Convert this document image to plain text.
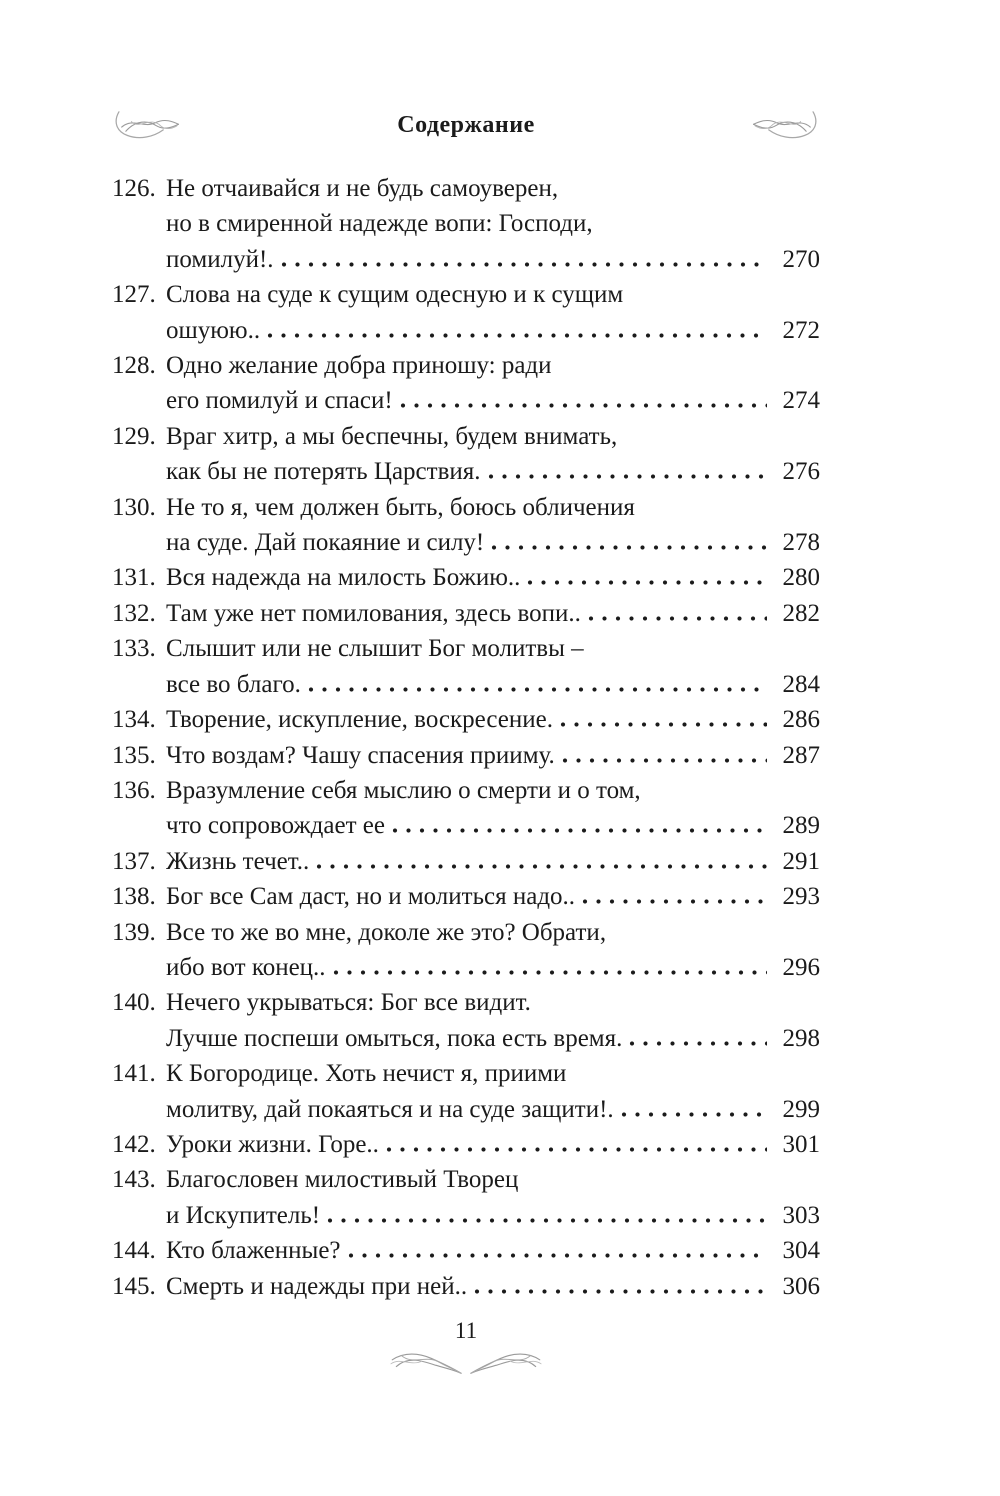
Содержание
126. Не отчаивайся и не будь самоуверен,
но в смиренной надежде вопи: Господи,
помилуй!.	270
127. Слова на суде к сущим одесную и к сущим
ошуюю..	272
128. Одно желание добра приношу: ради
его помилуй и спаси!	274
129. Враг хитр, а мы беспечны, будем внимать,
как бы не потерять Царствия.	276
130. Не то я, чем должен быть, боюсь обличения
на суде. Дай покаяние и силу!	278
131. Вся надежда на милость Божию..	280
132. Там уже нет помилования, здесь вопи..	282
133. Слышит или не слышит Бог молитвы –
все во благо.	284
134. Творение, искупление, воскресение.	286
135. Что воздам? Чашу спасения прииму.	287
136. Вразумление себя мыслию о смерти и о том,
что сопровождает ее	289
137. Жизнь течет..	291
138. Бог все Сам даст, но и молиться надо..	293
139. Все то же во мне, доколе же это? Обрати,
ибо вот конец..	296
140. Нечего укрываться: Бог все видит.
Лучше поспеши омыться, пока есть время.	298
141. К Богородице. Хоть нечист я, приими
молитву, дай покаяться и на суде защити!.	299
142. Уроки жизни. Горе..	301
143. Благословен милостивый Творец
и Искупитель!	303
144. Кто блаженные?	304
145. Смерть и надежды при ней..	306
11
